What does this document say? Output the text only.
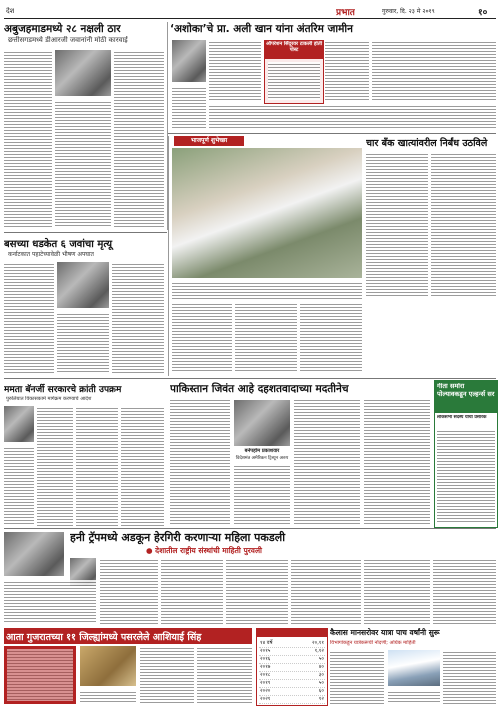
देश	प्रभात	गुरुवार, दि. २३ मे २०१९	१०
अबुजहमाडमध्ये २८ नक्षली ठार
छत्तीसगडमध्ये डीआरजी जवानांनी मोठी कारवाई
‘अशोका’चे प्रा. अली खान यांना अंतरिम जामीन
ऑपरेशन सिंदूरवर टाकली होती पोस्ट
बसच्या धडकेत ६ जवांचा मृत्यू
कर्नाटकात पहाटेच्यावेळी भीषण अपघात
भाजपूर्ण शुभेच्छा	चार बँक खात्यांवरील निर्बंध उठविले
ममता बॅनर्जी सरकारचे क्रांती उपक्रम
पुरुलियात विकासकामे मार्गक्रम करण्याचे आदेश
पाकिस्तान जिवंत आहे दहशतवादाच्या मदतीनेच
बर्नपहोम प्रकाशवार
विदेशमंत्र अमेरिकन ट्रिब्यून अरुप
गीता समोरा पोल्यावकडून एल्हर्न्स सर
लोकसभा सदस्य यांचा प्रसारक
हनी ट्रॅपमध्ये अडकून हेरगिरी करणाऱ्या महिला पकडली
● देशातील राष्ट्रीय संस्थांची माहिती पुरवली
आता गुजरातच्या ११ जिल्ह्यांमध्ये पसरलेले आशियाई सिंह	१४ वर्षे	२०,११
२०१५	१,१२
२०१६	५०
२०१७	४०
२०१८	३०
२०१९	५०
२०२०	६०
२०२१	१२
कैलास मानसरोवर यात्रा पाच वर्षांनी सुरू
विभागांकडून यात्रेकरूंची नोंदणी; अधिक माहिती
